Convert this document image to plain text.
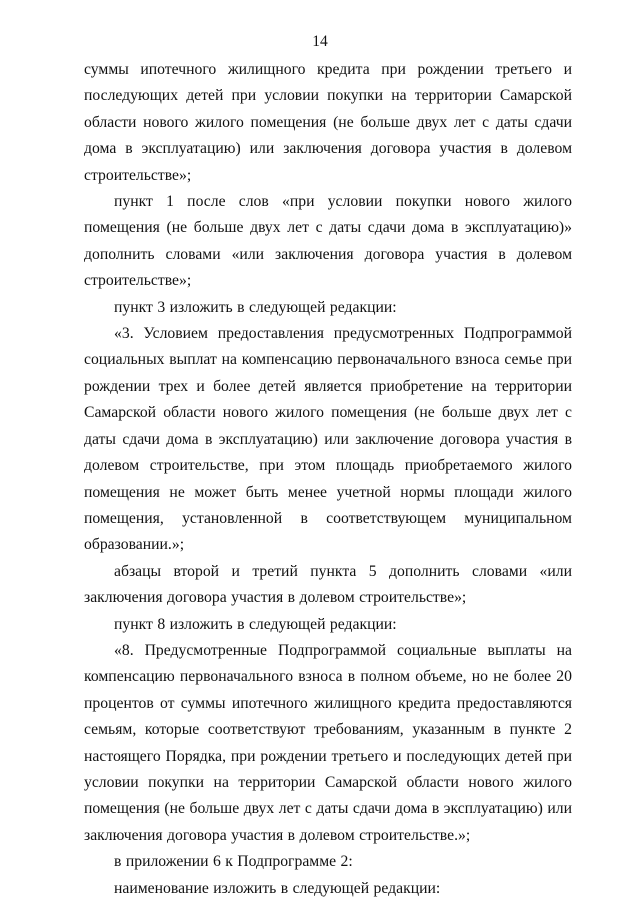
14

суммы ипотечного жилищного кредита при рождении третьего и последующих детей при условии покупки на территории Самарской области нового жилого помещения (не больше двух лет с даты сдачи дома в эксплуатацию) или заключения договора участия в долевом строительстве»;

пункт 1 после слов «при условии покупки нового жилого помещения (не больше двух лет с даты сдачи дома в эксплуатацию)» дополнить словами «или заключения договора участия в долевом строительстве»;

пункт 3 изложить в следующей редакции:

«3. Условием предоставления предусмотренных Подпрограммой социальных выплат на компенсацию первоначального взноса семье при рождении трех и более детей является приобретение на территории Самарской области нового жилого помещения (не больше двух лет с даты сдачи дома в эксплуатацию) или заключение договора участия в долевом строительстве, при этом площадь приобретаемого жилого помещения не может быть менее учетной нормы площади жилого помещения, установленной в соответствующем муниципальном образовании.»;

абзацы второй и третий пункта 5 дополнить словами «или заключения договора участия в долевом строительстве»;

пункт 8 изложить в следующей редакции:

«8. Предусмотренные Подпрограммой социальные выплаты на компенсацию первоначального взноса в полном объеме, но не более 20 процентов от суммы ипотечного жилищного кредита предоставляются семьям, которые соответствуют требованиям, указанным в пункте 2 настоящего Порядка, при рождении третьего и последующих детей при условии покупки на территории Самарской области нового жилого помещения (не больше двух лет с даты сдачи дома в эксплуатацию) или заключения договора участия в долевом строительстве.»;

в приложении 6 к Подпрограмме 2:

наименование изложить в следующей редакции:
